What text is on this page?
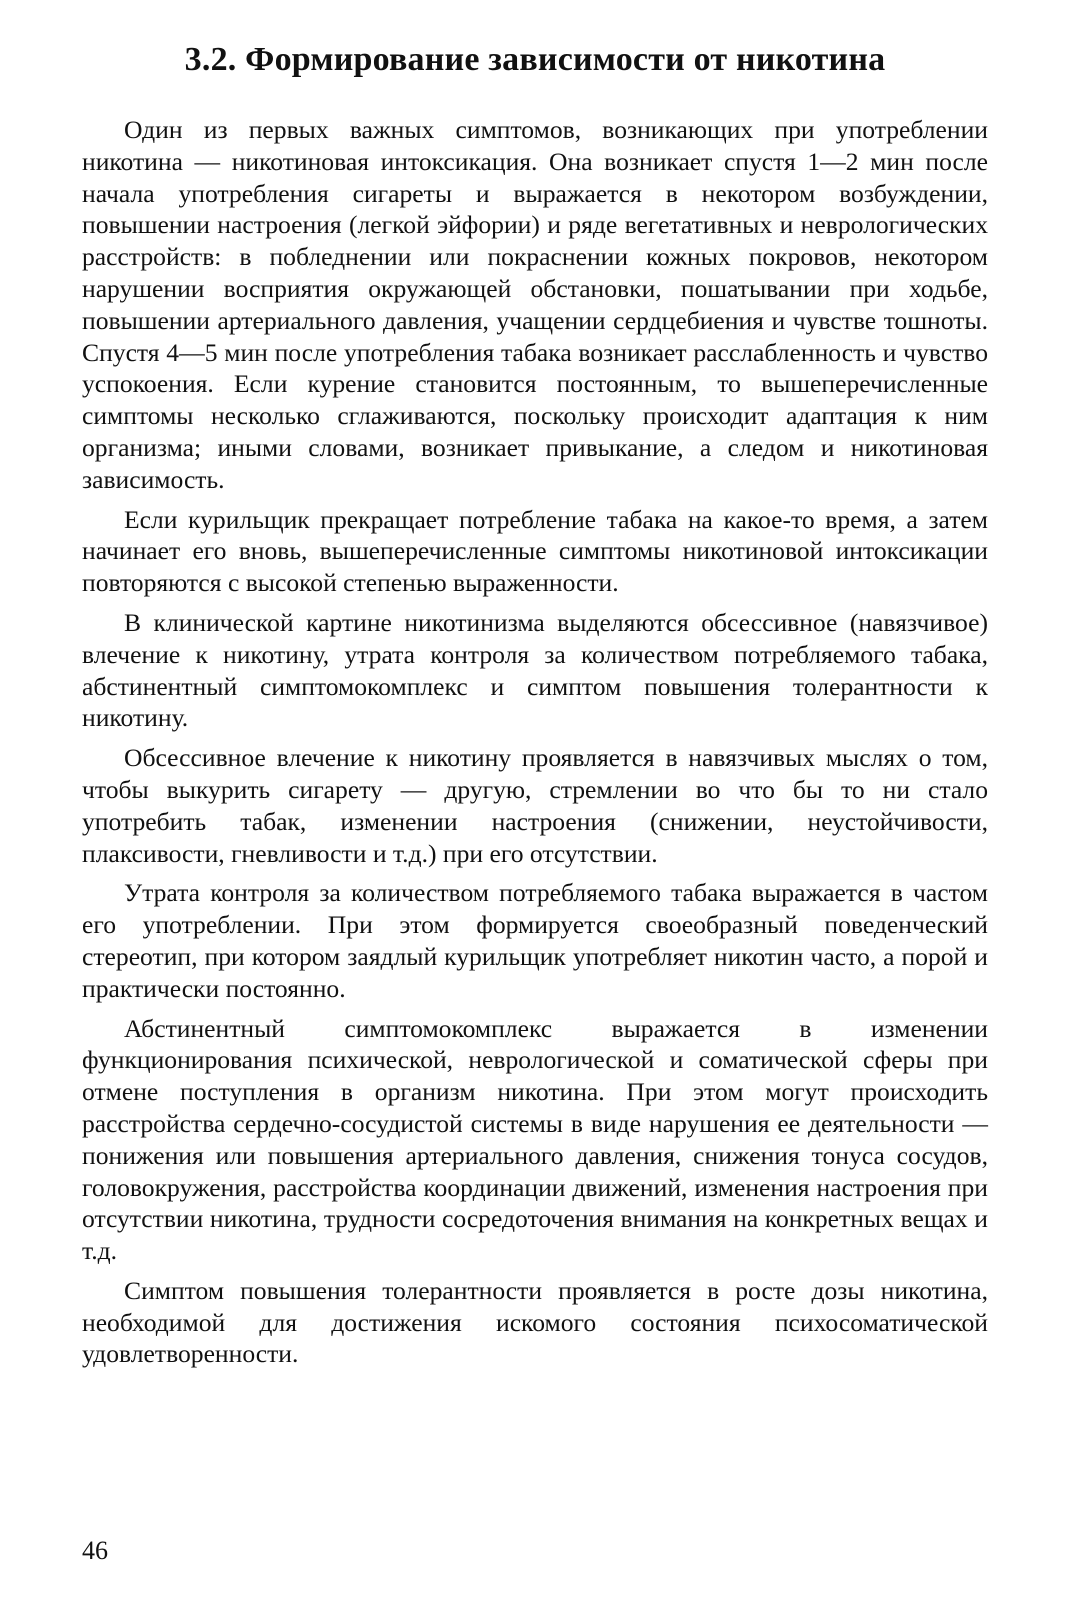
3.2. Формирование зависимости от никотина

Один из первых важных симптомов, возникающих при употреблении никотина — никотиновая интоксикация. Она возникает спустя 1—2 мин после начала употребления сигареты и выражается в некотором возбуждении, повышении настроения (легкой эйфории) и ряде вегетативных и неврологических расстройств: в побледнении или покраснении кожных покровов, некотором нарушении восприятия окружающей обстановки, пошатывании при ходьбе, повышении артериального давления, учащении сердцебиения и чувстве тошноты. Спустя 4—5 мин после употребления табака возникает расслабленность и чувство успокоения. Если курение становится постоянным, то вышеперечисленные симптомы несколько сглаживаются, поскольку происходит адаптация к ним организма; иными словами, возникает привыкание, а следом и никотиновая зависимость.

Если курильщик прекращает потребление табака на какое-то время, а затем начинает его вновь, вышеперечисленные симптомы никотиновой интоксикации повторяются с высокой степенью выраженности.

В клинической картине никотинизма выделяются обсессивное (навязчивое) влечение к никотину, утрата контроля за количеством потребляемого табака, абстинентный симптомокомплекс и симптом повышения толерантности к никотину.

Обсессивное влечение к никотину проявляется в навязчивых мыслях о том, чтобы выкурить сигарету — другую, стремлении во что бы то ни стало употребить табак, изменении настроения (снижении, неустойчивости, плаксивости, гневливости и т.д.) при его отсутствии.

Утрата контроля за количеством потребляемого табака выражается в частом его употреблении. При этом формируется своеобразный поведенческий стереотип, при котором заядлый курильщик употребляет никотин часто, а порой и практически постоянно.

Абстинентный симптомокомплекс выражается в изменении функционирования психической, неврологической и соматической сферы при отмене поступления в организм никотина. При этом могут происходить расстройства сердечно-сосудистой системы в виде нарушения ее деятельности — понижения или повышения артериального давления, снижения тонуса сосудов, головокружения, расстройства координации движений, изменения настроения при отсутствии никотина, трудности сосредоточения внимания на конкретных вещах и т.д.

Симптом повышения толерантности проявляется в росте дозы никотина, необходимой для достижения искомого состояния психосоматической удовлетворенности.

46
